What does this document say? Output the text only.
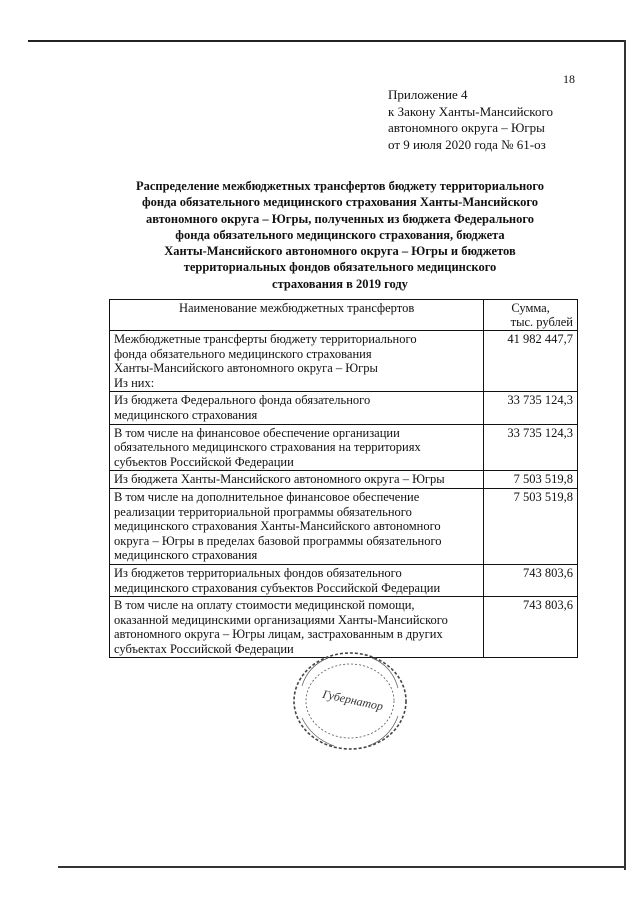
18
Приложение 4
к Закону Ханты-Мансийского
автономного округа – Югры
от 9 июля 2020 года № 61-оз
Распределение межбюджетных трансфертов бюджету территориального
фонда обязательного медицинского страхования Ханты-Мансийского
автономного округа – Югры, полученных из бюджета Федерального
фонда обязательного медицинского страхования, бюджета
Ханты-Мансийского автономного округа – Югры и бюджетов
территориальных фондов обязательного медицинского
страхования в 2019 году
Наименование межбюджетных трансфертов	Сумма,
тыс. рублей

Межбюджетные трансферты бюджету территориального
фонда обязательного медицинского страхования
Ханты-Мансийского автономного округа – Югры
Из них:	41 982 447,7

Из бюджета Федерального фонда обязательного
медицинского страхования	33 735 124,3

В том числе на финансовое обеспечение организации
обязательного медицинского страхования на территориях
субъектов Российской Федерации	33 735 124,3

Из бюджета Ханты-Мансийского автономного округа – Югры	7 503 519,8

В том числе на дополнительное финансовое обеспечение
реализации территориальной программы обязательного
медицинского страхования Ханты-Мансийского автономного
округа – Югры в пределах базовой программы обязательного
медицинского страхования	7 503 519,8

Из бюджетов территориальных фондов обязательного
медицинского страхования субъектов Российской Федерации	743 803,6

В том числе на оплату стоимости медицинской помощи,
оказанной медицинскими организациями Ханты-Мансийского
автономного округа – Югры лицам, застрахованным в других
субъектах Российской Федерации	743 803,6
Губернатор
